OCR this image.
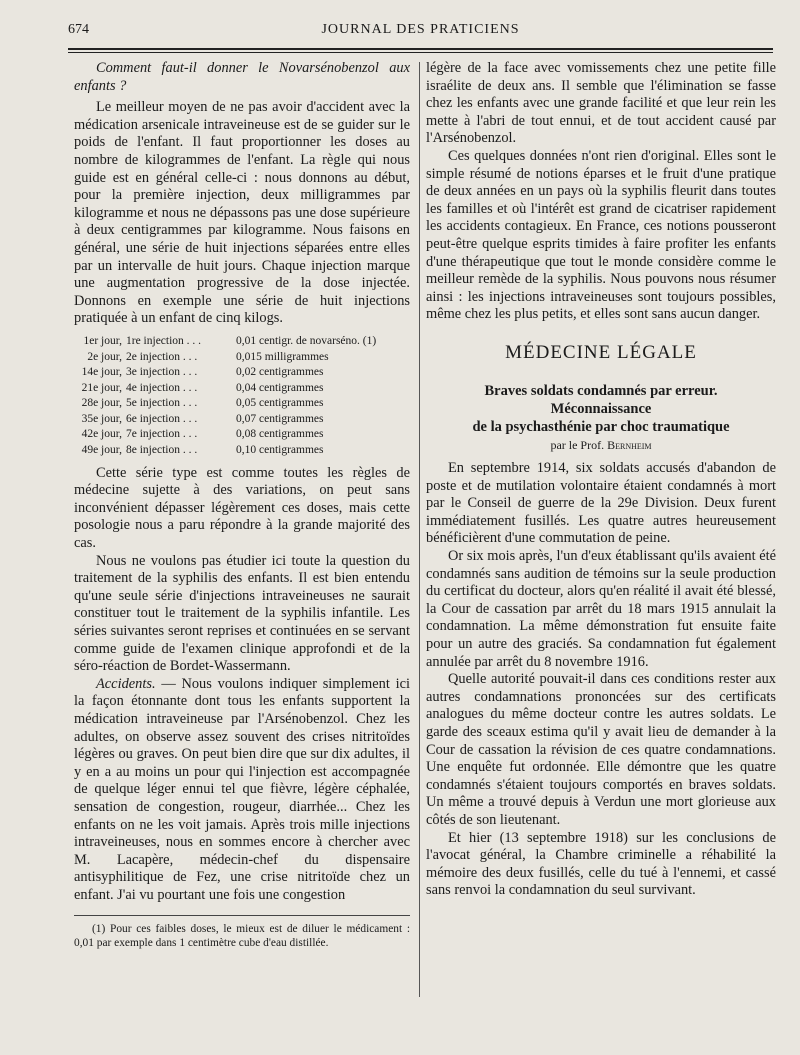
674	JOURNAL DES PRATICIENS

Comment faut-il donner le Novarsénobenzol aux enfants ?

Le meilleur moyen de ne pas avoir d'accident avec la médication arsenicale intraveineuse est de se guider sur le poids de l'enfant. Il faut proportionner les doses au nombre de kilogrammes de l'enfant. La règle qui nous guide est en général celle-ci : nous donnons au début, pour la première injection, deux milligrammes par kilogramme et nous ne dépassons pas une dose supérieure à deux centigrammes par kilogramme. Nous faisons en général, une série de huit injections séparées entre elles par un intervalle de huit jours. Chaque injection marque une augmentation progressive de la dose injectée. Donnons en exemple une série de huit injections pratiquée à un enfant de cinq kilogs.

1er jour,	1re injection . . .	0,01 centigr. de novarséno. (1)
2e jour,	2e injection . . .	0,015 milligrammes
14e jour,	3e injection . . .	0,02 centigrammes
21e jour,	4e injection . . .	0,04 centigrammes
28e jour,	5e injection . . .	0,05 centigrammes
35e jour,	6e injection . . .	0,07 centigrammes
42e jour,	7e injection . . .	0,08 centigrammes
49e jour,	8e injection . . .	0,10 centigrammes

Cette série type est comme toutes les règles de médecine sujette à des variations, on peut sans inconvénient dépasser légèrement ces doses, mais cette posologie nous a paru répondre à la grande majorité des cas.

Nous ne voulons pas étudier ici toute la question du traitement de la syphilis des enfants. Il est bien entendu qu'une seule série d'injections intraveineuses ne saurait constituer tout le traitement de la syphilis infantile. Les séries suivantes seront reprises et continuées en se servant comme guide de l'examen clinique approfondi et de la séro-réaction de Bordet-Wassermann.

Accidents. — Nous voulons indiquer simplement ici la façon étonnante dont tous les enfants supportent la médication intraveineuse par l'Arsénobenzol. Chez les adultes, on observe assez souvent des crises nitritoïdes légères ou graves. On peut bien dire que sur dix adultes, il y en a au moins un pour qui l'injection est accompagnée de quelque léger ennui tel que fièvre, légère céphalée, sensation de congestion, rougeur, diarrhée... Chez les enfants on ne les voit jamais. Après trois mille injections intraveineuses, nous en sommes encore à chercher avec M. Lacapère, médecin-chef du dispensaire antisyphilitique de Fez, une crise nitritoïde chez un enfant. J'ai vu pourtant une fois une congestion

(1) Pour ces faibles doses, le mieux est de diluer le médicament : 0,01 par exemple dans 1 centimètre cube d'eau distillée.

légère de la face avec vomissements chez une petite fille israélite de deux ans. Il semble que l'élimination se fasse chez les enfants avec une grande facilité et que leur rein les mette à l'abri de tout ennui, et de tout accident causé par l'Arsénobenzol.

Ces quelques données n'ont rien d'original. Elles sont le simple résumé de notions éparses et le fruit d'une pratique de deux années en un pays où la syphilis fleurit dans toutes les familles et où l'intérêt est grand de cicatriser rapidement les accidents contagieux. En France, ces notions pousseront peut-être quelque esprits timides à faire profiter les enfants d'une thérapeutique que tout le monde considère comme le meilleur remède de la syphilis. Nous pouvons nous résumer ainsi : les injections intraveineuses sont toujours possibles, même chez les plus petits, et elles sont sans aucun danger.

MÉDECINE LÉGALE
Braves soldats condamnés par erreur.
Méconnaissance
de la psychasthénie par choc traumatique
par le Prof. Bernheim

En septembre 1914, six soldats accusés d'abandon de poste et de mutilation volontaire étaient condamnés à mort par le Conseil de guerre de la 29e Division. Deux furent immédiatement fusillés. Les quatre autres heureusement bénéficièrent d'une commutation de peine.

Or six mois après, l'un d'eux établissant qu'ils avaient été condamnés sans audition de témoins sur la seule production du certificat du docteur, alors qu'en réalité il avait été blessé, la Cour de cassation par arrêt du 18 mars 1915 annulait la condamnation. La même démonstration fut ensuite faite pour un autre des graciés. Sa condamnation fut également annulée par arrêt du 8 novembre 1916.

Quelle autorité pouvait-il dans ces conditions rester aux autres condamnations prononcées sur des certificats analogues du même docteur contre les autres soldats. Le garde des sceaux estima qu'il y avait lieu de demander à la Cour de cassation la révision de ces quatre condamnations. Une enquête fut ordonnée. Elle démontre que les quatre condamnés s'étaient toujours comportés en braves soldats. Un même a trouvé depuis à Verdun une mort glorieuse aux côtés de son lieutenant.

Et hier (13 septembre 1918) sur les conclusions de l'avocat général, la Chambre criminelle a réhabilité la mémoire des deux fusillés, celle du tué à l'ennemi, et cassé sans renvoi la condamnation du seul survivant.
